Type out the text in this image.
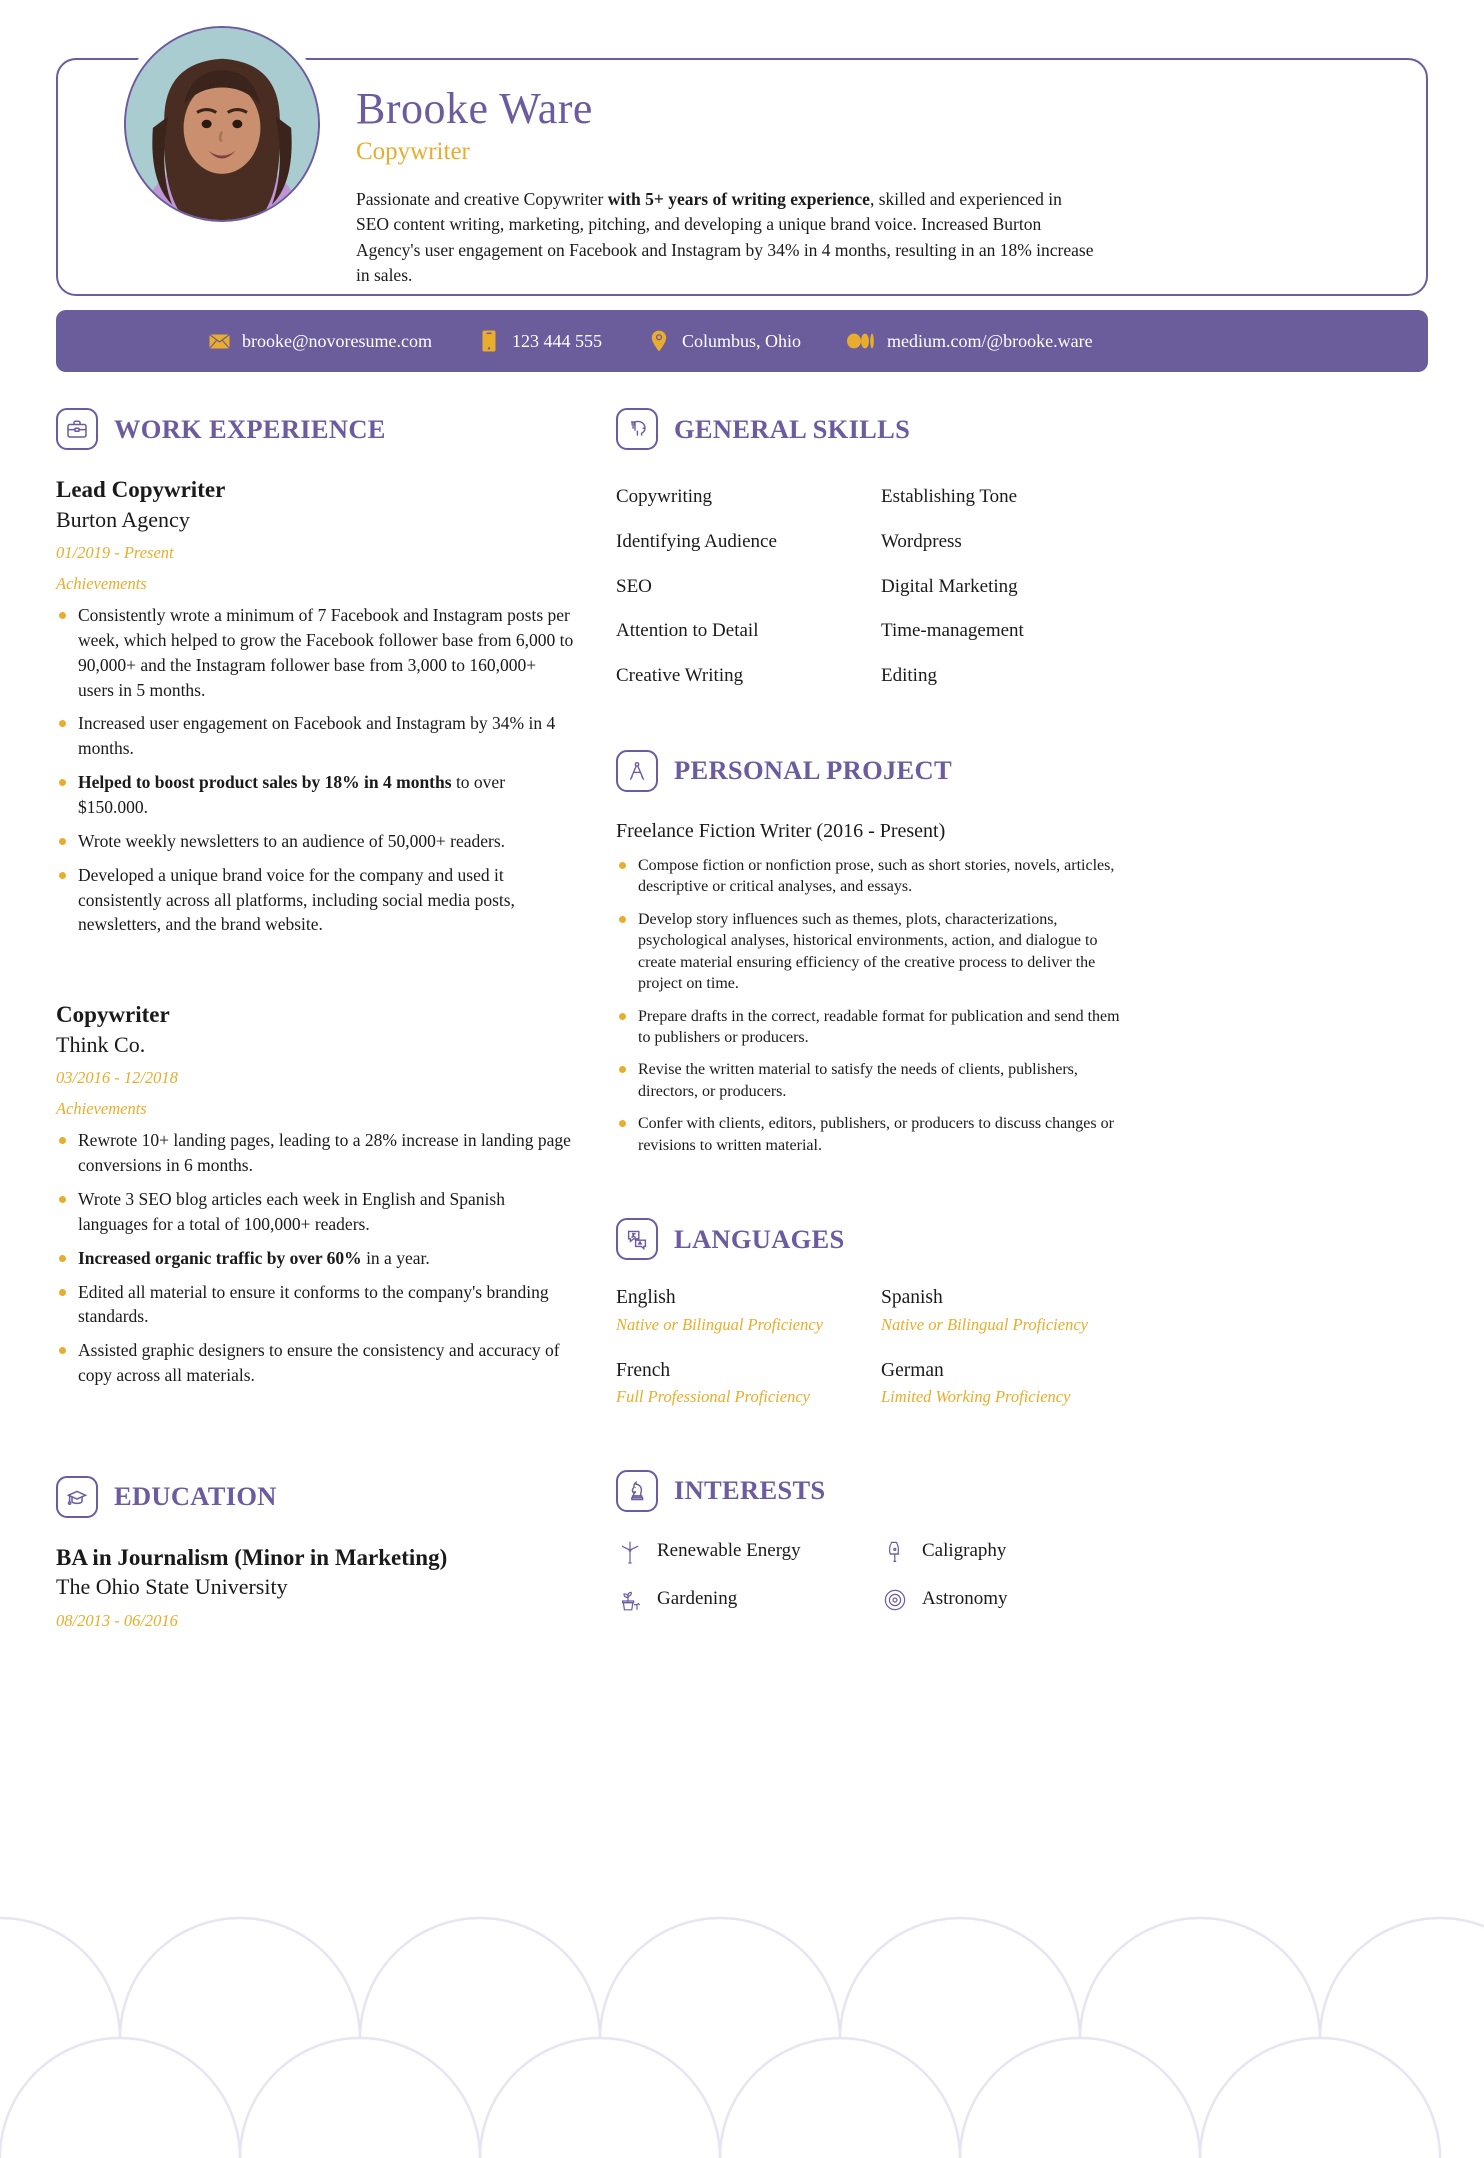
Brooke Ware
Copywriter

Passionate and creative Copywriter with 5+ years of writing experience, skilled and experienced in SEO content writing, marketing, pitching, and developing a unique brand voice. Increased Burton Agency's user engagement on Facebook and Instagram by 34% in 4 months, resulting in an 18% increase in sales.

brooke@novoresume.com	123 444 555	Columbus, Ohio	medium.com/@brooke.ware
WORK EXPERIENCE
Lead Copywriter
Burton Agency
01/2019 - Present
Achievements
Consistently wrote a minimum of 7 Facebook and Instagram posts per week, which helped to grow the Facebook follower base from 6,000 to 90,000+ and the Instagram follower base from 3,000 to 160,000+ users in 5 months.
Increased user engagement on Facebook and Instagram by 34% in 4 months.
Helped to boost product sales by 18% in 4 months to over $150.000.
Wrote weekly newsletters to an audience of 50,000+ readers.
Developed a unique brand voice for the company and used it consistently across all platforms, including social media posts, newsletters, and the brand website.
Copywriter
Think Co.
03/2016 - 12/2018
Achievements
Rewrote 10+ landing pages, leading to a 28% increase in landing page conversions in 6 months.
Wrote 3 SEO blog articles each week in English and Spanish languages for a total of 100,000+ readers.
Increased organic traffic by over 60% in a year.
Edited all material to ensure it conforms to the company's branding standards.
Assisted graphic designers to ensure the consistency and accuracy of copy across all materials.
EDUCATION
BA in Journalism (Minor in Marketing)
The Ohio State University
08/2013 - 06/2016
GENERAL SKILLS
Copywriting	Establishing Tone
Identifying Audience	Wordpress
SEO	Digital Marketing
Attention to Detail	Time-management
Creative Writing	Editing
PERSONAL PROJECT
Freelance Fiction Writer (2016 - Present)
Compose fiction or nonfiction prose, such as short stories, novels, articles, descriptive or critical analyses, and essays.
Develop story influences such as themes, plots, characterizations, psychological analyses, historical environments, action, and dialogue to create material ensuring efficiency of the creative process to deliver the project on time.
Prepare drafts in the correct, readable format for publication and send them to publishers or producers.
Revise the written material to satisfy the needs of clients, publishers, directors, or producers.
Confer with clients, editors, publishers, or producers to discuss changes or revisions to written material.
LANGUAGES
English
Native or Bilingual Proficiency
Spanish
Native or Bilingual Proficiency
French
Full Professional Proficiency
German
Limited Working Proficiency
INTERESTS
Renewable Energy	Caligraphy
Gardening	Astronomy
